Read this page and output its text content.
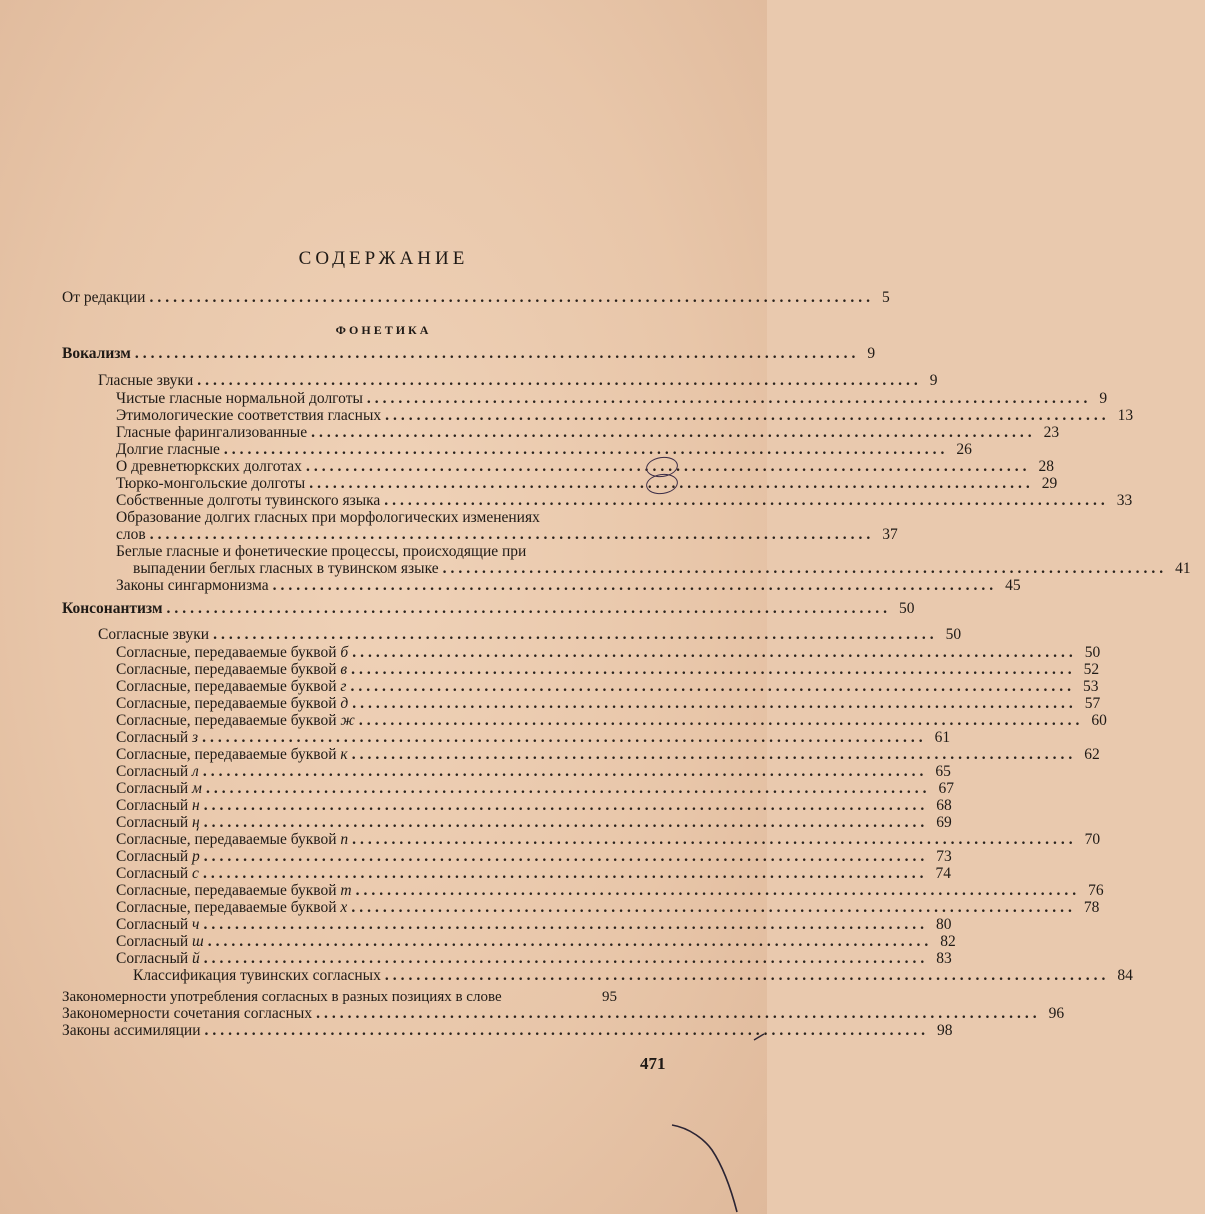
СОДЕРЖАНИЕ
ФОНЕТИКА
От редакции ............................................................................................ 5
Вокализм ............................................................................................ 9
Гласные звуки ............................................................................................ 9
Чистые гласные нормальной долготы ............................................................................................ 9
Этимологические соответствия гласных ............................................................................................ 13
Гласные фарингализованные ............................................................................................ 23
Долгие гласные ............................................................................................ 26
О древнетюркских долготах ............................................................................................ 28
Тюрко-монгольские долготы ............................................................................................ 29
Собственные долготы тувинского языка ............................................................................................ 33
Образование долгих гласных при морфологических изменениях
слов ............................................................................................ 37
Беглые гласные и фонетические процессы, происходящие при
выпадении беглых гласных в тувинском языке ............................................................................................ 41
Законы сингармонизма ............................................................................................ 45
Консонантизм ............................................................................................ 50
Согласные звуки ............................................................................................ 50
Согласные, передаваемые буквой б ............................................................................................ 50
Согласные, передаваемые буквой в ............................................................................................ 52
Согласные, передаваемые буквой г ............................................................................................ 53
Согласные, передаваемые буквой д ............................................................................................ 57
Согласные, передаваемые буквой ж ............................................................................................ 60
Согласный з ............................................................................................ 61
Согласные, передаваемые буквой к ............................................................................................ 62
Согласный л ............................................................................................ 65
Согласный м ............................................................................................ 67
Согласный н ............................................................................................ 68
Согласный ң ............................................................................................ 69
Согласные, передаваемые буквой п ............................................................................................ 70
Согласный р ............................................................................................ 73
Согласный с ............................................................................................ 74
Согласные, передаваемые буквой т ............................................................................................ 76
Согласные, передаваемые буквой х ............................................................................................ 78
Согласный ч ............................................................................................ 80
Согласный ш ............................................................................................ 82
Согласный й ............................................................................................ 83
Классификация тувинских согласных ............................................................................................ 84
Закономерности употребления согласных в разных позициях в слове	95
Закономерности сочетания согласных ............................................................................................ 96
Законы ассимиляции ............................................................................................ 98
471
